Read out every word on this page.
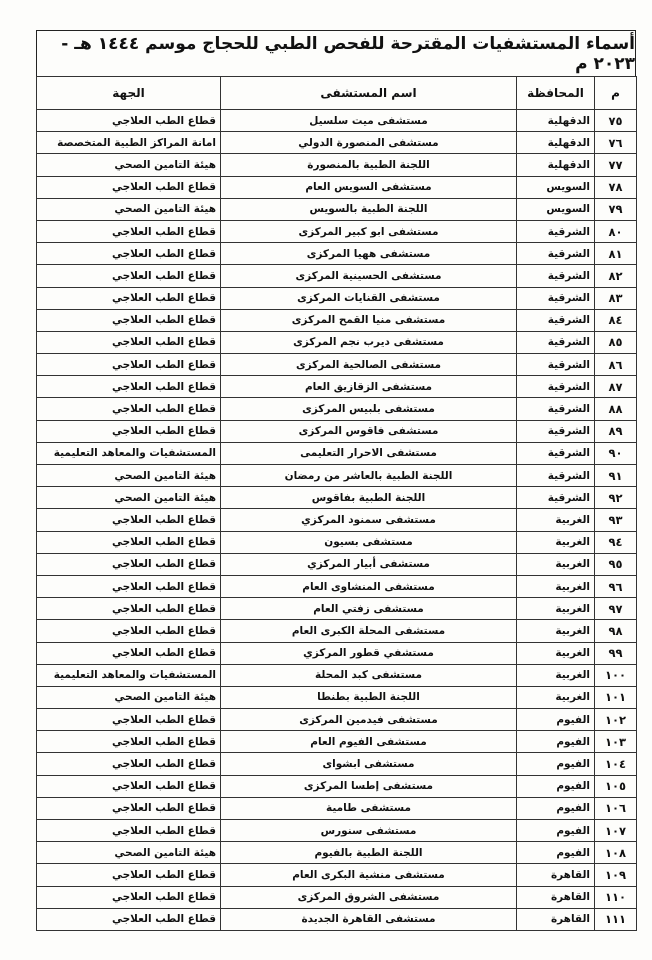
أسماء المستشفيات المقترحة للفحص الطبي للحجاج موسم ١٤٤٤ هـ - ٢٠٢٣ م
م	المحافظة	اسم المستشفى	الجهة
٧٥	الدقهلية	مستشفى ميت سلسيل	قطاع الطب العلاجي
٧٦	الدقهلية	مستشفى المنصورة الدولي	امانة المراكز الطبية المتخصصة
٧٧	الدقهلية	اللجنة الطبية بالمنصورة	هيئة التامين الصحي
٧٨	السويس	مستشفى السويس العام	قطاع الطب العلاجي
٧٩	السويس	اللجنة الطبية بالسويس	هيئة التامين الصحي
٨٠	الشرقية	مستشفى ابو كبير المركزى	قطاع الطب العلاجي
٨١	الشرقية	مستشفى ههيا المركزى	قطاع الطب العلاجي
٨٢	الشرقية	مستشفى الحسينية المركزى	قطاع الطب العلاجي
٨٣	الشرقية	مستشفى القنايات المركزى	قطاع الطب العلاجي
٨٤	الشرقية	مستشفى منيا القمح المركزى	قطاع الطب العلاجي
٨٥	الشرقية	مستشفى ديرب نجم المركزى	قطاع الطب العلاجي
٨٦	الشرقية	مستشفى الصالحية المركزى	قطاع الطب العلاجي
٨٧	الشرقية	مستشفى الزقازيق العام	قطاع الطب العلاجي
٨٨	الشرقية	مستشفى بلبيس المركزى	قطاع الطب العلاجي
٨٩	الشرقية	مستشفى فاقوس المركزى	قطاع الطب العلاجي
٩٠	الشرقية	مستشفى الاحرار التعليمى	المستشفيات والمعاهد التعليمية
٩١	الشرقية	اللجنة الطبية بالعاشر من رمضان	هيئة التامين الصحي
٩٢	الشرقية	اللجنة الطبية بفاقوس	هيئة التامين الصحي
٩٣	الغربية	مستشفى سمنود المركزي	قطاع الطب العلاجي
٩٤	الغربية	مستشفى بسيون	قطاع الطب العلاجي
٩٥	الغربية	مستشفى أبيار المركزي	قطاع الطب العلاجي
٩٦	الغربية	مستشفى المنشاوى العام	قطاع الطب العلاجي
٩٧	الغربية	مستشفى زفتي العام	قطاع الطب العلاجي
٩٨	الغربية	مستشفى المحلة الكبرى العام	قطاع الطب العلاجي
٩٩	الغربية	مستشفي قطور المركزي	قطاع الطب العلاجي
١٠٠	الغربية	مستشفى كبد المحلة	المستشفيات والمعاهد التعليمية
١٠١	الغربية	اللجنة الطبية بطنطا	هيئة التامين الصحي
١٠٢	الفيوم	مستشفى فيدمين المركزى	قطاع الطب العلاجي
١٠٣	الفيوم	مستشفى الفيوم العام	قطاع الطب العلاجي
١٠٤	الفيوم	مستشفى ابشواى	قطاع الطب العلاجي
١٠٥	الفيوم	مستشفى إطسا المركزى	قطاع الطب العلاجي
١٠٦	الفيوم	مستشفى طامية	قطاع الطب العلاجي
١٠٧	الفيوم	مستشفى سنورس	قطاع الطب العلاجي
١٠٨	الفيوم	اللجنة الطبية بالفيوم	هيئة التامين الصحي
١٠٩	القاهرة	مستشفى منشية البكرى العام	قطاع الطب العلاجي
١١٠	القاهرة	مستشفى الشروق المركزى	قطاع الطب العلاجي
١١١	القاهرة	مستشفى القاهرة الجديدة	قطاع الطب العلاجي
